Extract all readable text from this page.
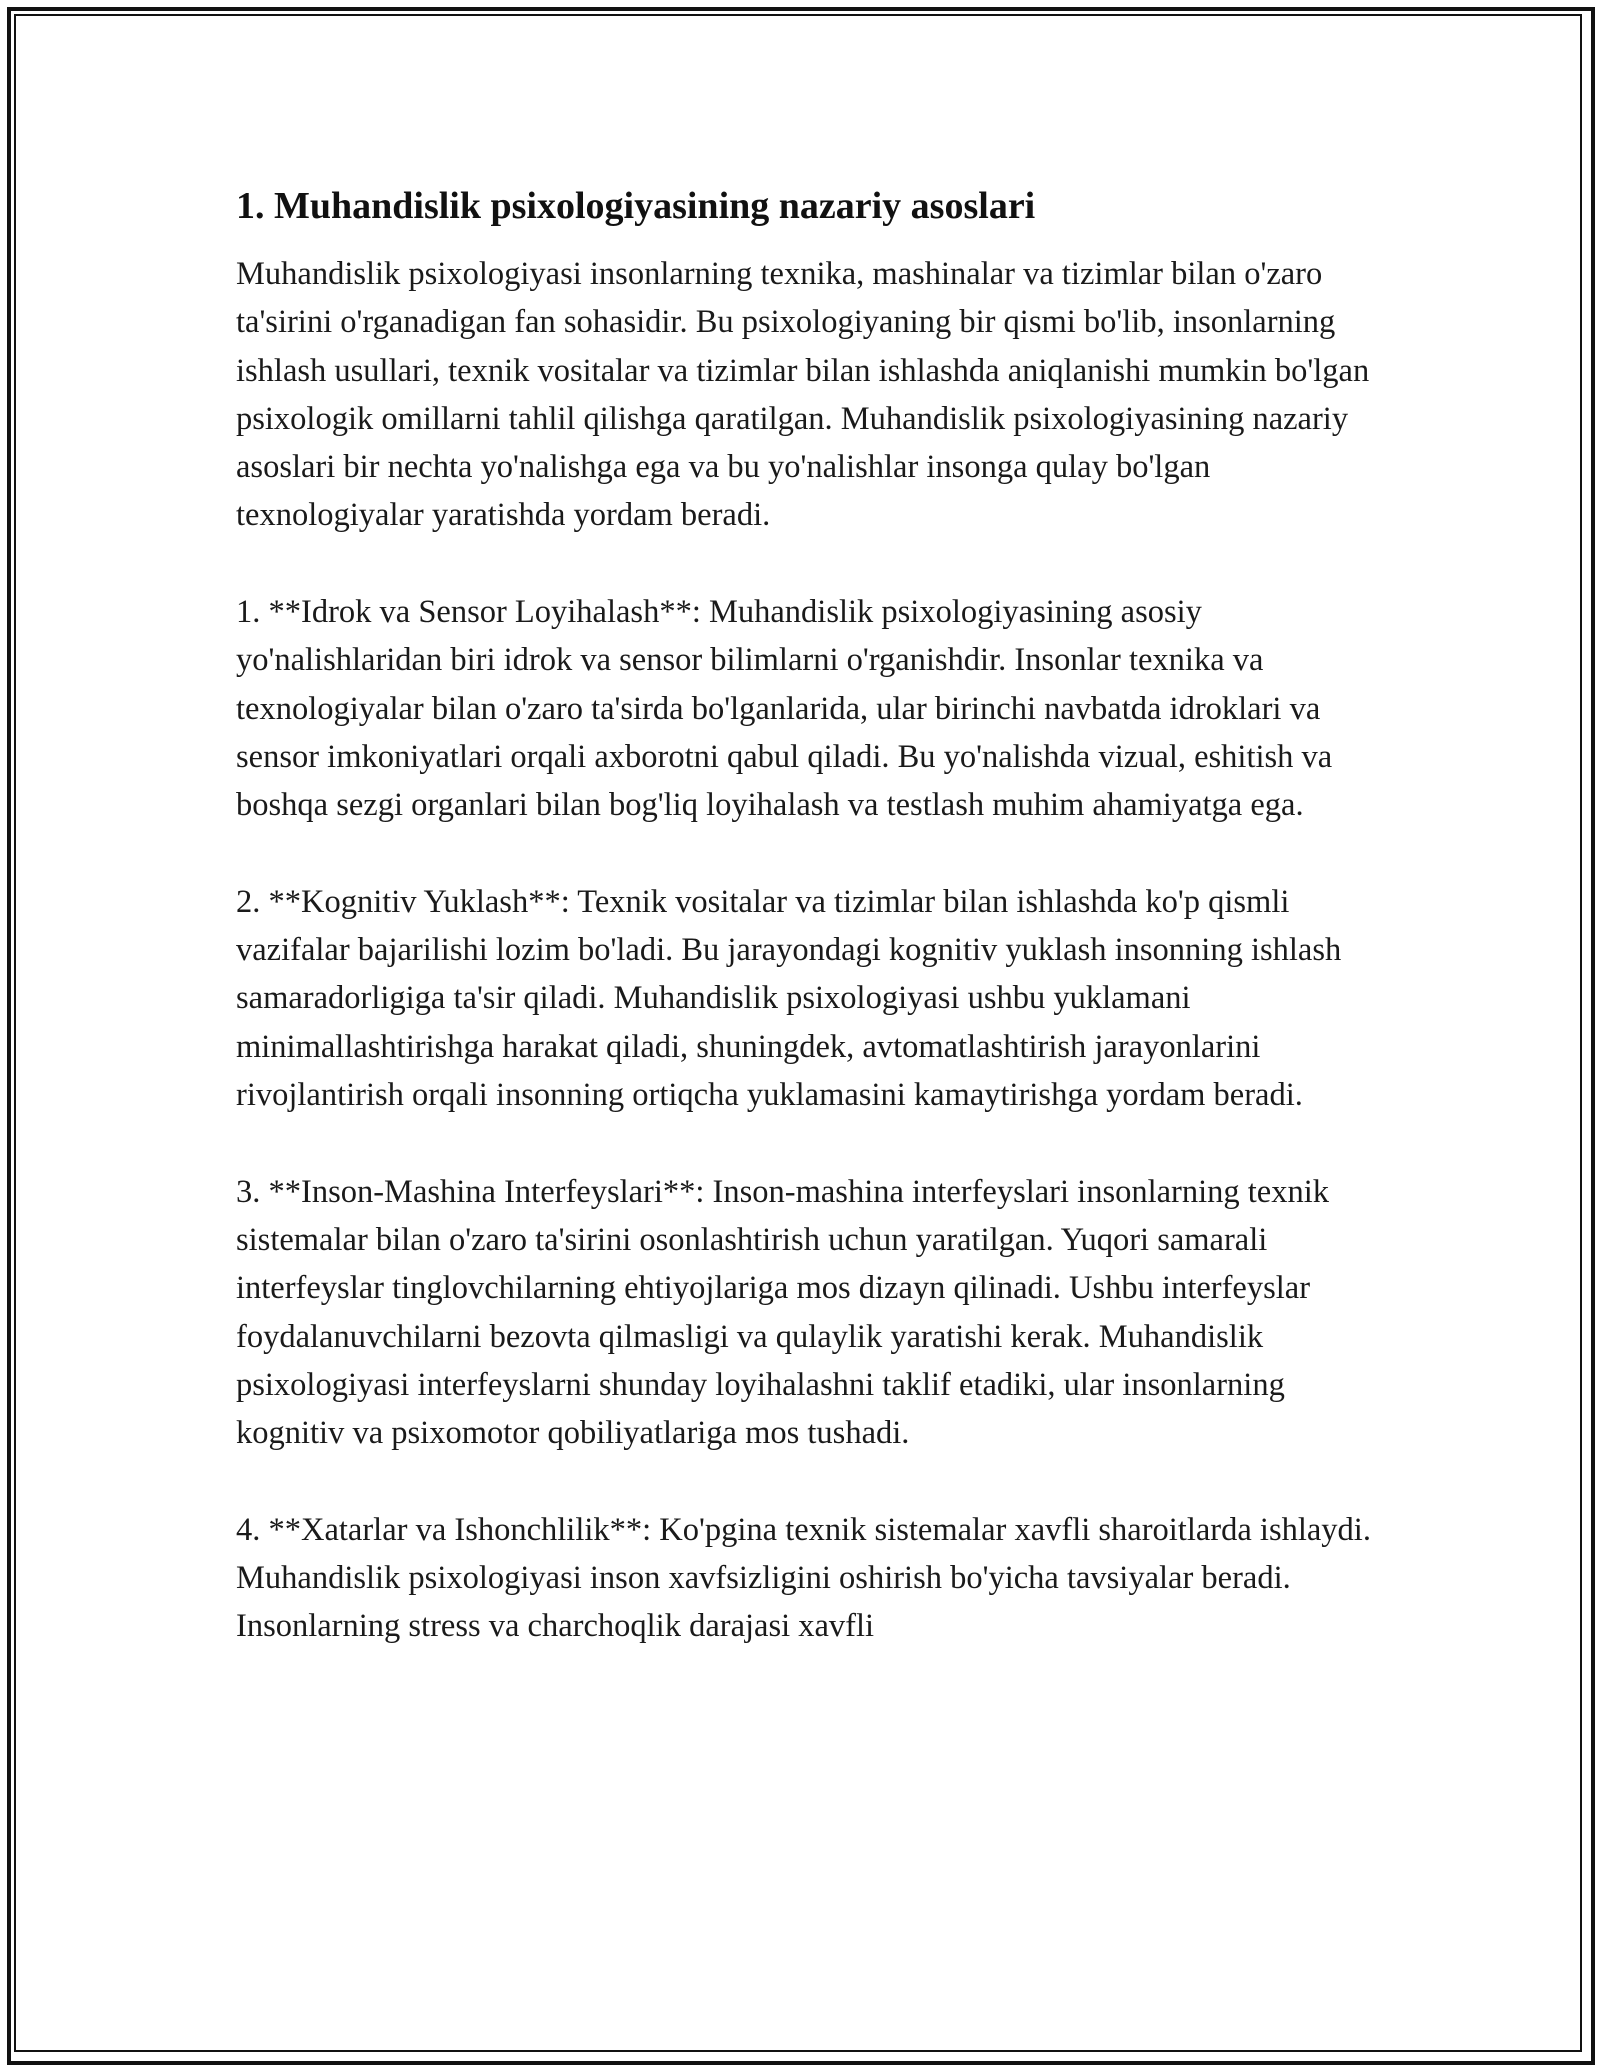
1. Muhandislik psixologiyasining nazariy asoslari

Muhandislik psixologiyasi insonlarning texnika, mashinalar va tizimlar bilan o'zaro ta'sirini o'rganadigan fan sohasidir. Bu psixologiyaning bir qismi bo'lib, insonlarning ishlash usullari, texnik vositalar va tizimlar bilan ishlashda aniqlanishi mumkin bo'lgan psixologik omillarni tahlil qilishga qaratilgan. Muhandislik psixologiyasining nazariy asoslari bir nechta yo'nalishga ega va bu yo'nalishlar insonga qulay bo'lgan texnologiyalar yaratishda yordam beradi.

1. **Idrok va Sensor Loyihalash**: Muhandislik psixologiyasining asosiy yo'nalishlaridan biri idrok va sensor bilimlarni o'rganishdir. Insonlar texnika va texnologiyalar bilan o'zaro ta'sirda bo'lganlarida, ular birinchi navbatda idroklari va sensor imkoniyatlari orqali axborotni qabul qiladi. Bu yo'nalishda vizual, eshitish va boshqa sezgi organlari bilan bog'liq loyihalash va testlash muhim ahamiyatga ega.

2. **Kognitiv Yuklash**: Texnik vositalar va tizimlar bilan ishlashda ko'p qismli vazifalar bajarilishi lozim bo'ladi. Bu jarayondagi kognitiv yuklash insonning ishlash samaradorligiga ta'sir qiladi. Muhandislik psixologiyasi ushbu yuklamani minimallashtirishga harakat qiladi, shuningdek, avtomatlashtirish jarayonlarini rivojlantirish orqali insonning ortiqcha yuklamasini kamaytirishga yordam beradi.

3. **Inson-Mashina Interfeyslari**: Inson-mashina interfeyslari insonlarning texnik sistemalar bilan o'zaro ta'sirini osonlashtirish uchun yaratilgan. Yuqori samarali interfeyslar tinglovchilarning ehtiyojlariga mos dizayn qilinadi. Ushbu interfeyslar foydalanuvchilarni bezovta qilmasligi va qulaylik yaratishi kerak. Muhandislik psixologiyasi interfeyslarni shunday loyihalashni taklif etadiki, ular insonlarning kognitiv va psixomotor qobiliyatlariga mos tushadi.

4. **Xatarlar va Ishonchlilik**: Ko'pgina texnik sistemalar xavfli sharoitlarda ishlaydi. Muhandislik psixologiyasi inson xavfsizligini oshirish bo'yicha tavsiyalar beradi. Insonlarning stress va charchoqlik darajasi xavfli
